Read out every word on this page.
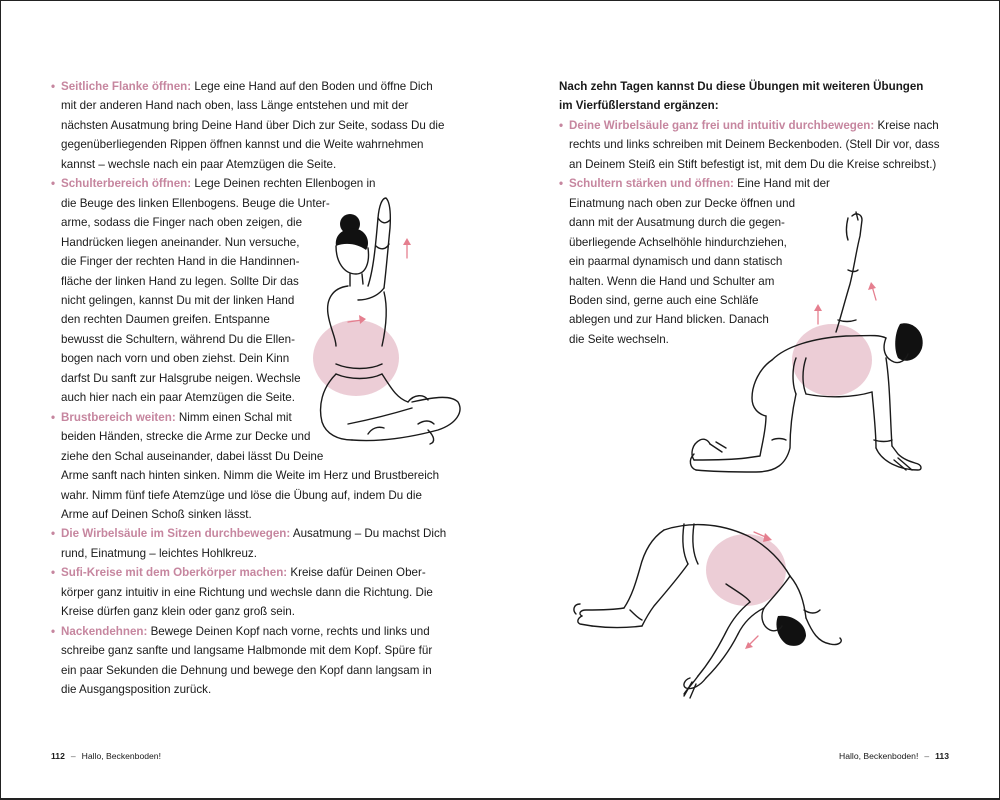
• Seitliche Flanke öffnen: Lege eine Hand auf den Boden und öffne Dich
mit der anderen Hand nach oben, lass Länge entstehen und mit der
nächsten Ausatmung bring Deine Hand über Dich zur Seite, sodass Du die
gegenüberliegenden Rippen öffnen kannst und die Weite wahrnehmen
kannst – wechsle nach ein paar Atemzügen die Seite.
• Schulterbereich öffnen: Lege Deinen rechten Ellenbogen in
die Beuge des linken Ellenbogens. Beuge die Unter-
arme, sodass die Finger nach oben zeigen, die
Handrücken liegen aneinander. Nun versuche,
die Finger der rechten Hand in die Handinnen-
fläche der linken Hand zu legen. Sollte Dir das
nicht gelingen, kannst Du mit der linken Hand
den rechten Daumen greifen. Entspanne
bewusst die Schultern, während Du die Ellen-
bogen nach vorn und oben ziehst. Dein Kinn
darfst Du sanft zur Halsgrube neigen. Wechsle
auch hier nach ein paar Atemzügen die Seite.
• Brustbereich weiten: Nimm einen Schal mit
beiden Händen, strecke die Arme zur Decke und
ziehe den Schal auseinander, dabei lässt Du Deine
Arme sanft nach hinten sinken. Nimm die Weite im Herz und Brustbereich
wahr. Nimm fünf tiefe Atemzüge und löse die Übung auf, indem Du die
Arme auf Deinen Schoß sinken lässt.
• Die Wirbelsäule im Sitzen durchbewegen: Ausatmung – Du machst Dich
rund, Einatmung – leichtes Hohlkreuz.
• Sufi-Kreise mit dem Oberkörper machen: Kreise dafür Deinen Ober-
körper ganz intuitiv in eine Richtung und wechsle dann die Richtung. Die
Kreise dürfen ganz klein oder ganz groß sein.
• Nackendehnen: Bewege Deinen Kopf nach vorne, rechts und links und
schreibe ganz sanfte und langsame Halbmonde mit dem Kopf. Spüre für
ein paar Sekunden die Dehnung und bewege den Kopf dann langsam in
die Ausgangsposition zurück.
112 – Hallo, Beckenboden!
Nach zehn Tagen kannst Du diese Übungen mit weiteren Übungen
im Vierfüßlerstand ergänzen:
• Deine Wirbelsäule ganz frei und intuitiv durchbewegen: Kreise nach
rechts und links schreiben mit Deinem Beckenboden. (Stell Dir vor, dass
an Deinem Steiß ein Stift befestigt ist, mit dem Du die Kreise schreibst.)
• Schultern stärken und öffnen: Eine Hand mit der
Einatmung nach oben zur Decke öffnen und
dann mit der Ausatmung durch die gegen-
überliegende Achselhöhle hindurchziehen,
ein paarmal dynamisch und dann statisch
halten. Wenn die Hand und Schulter am
Boden sind, gerne auch eine Schläfe
ablegen und zur Hand blicken. Danach
die Seite wechseln.
Hallo, Beckenboden! – 113
